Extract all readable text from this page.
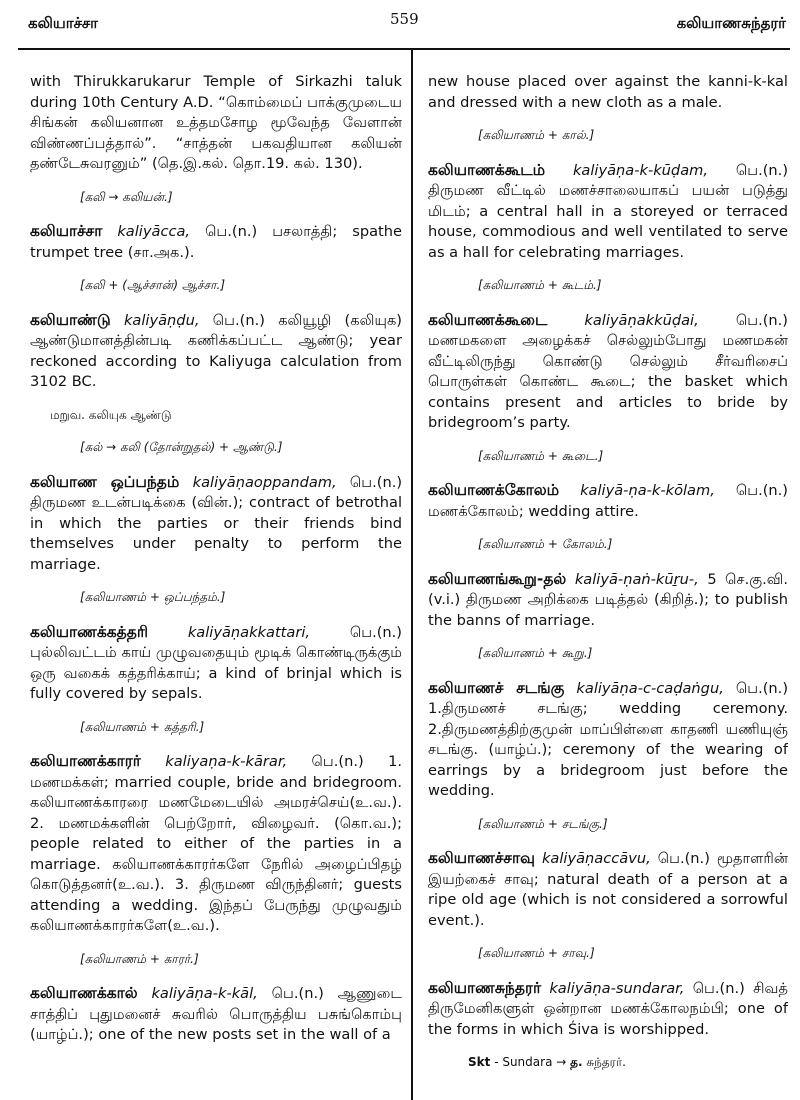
கலியாச்சா	559	கலியாணசுந்தரர்

with Thirukkarukarur Temple of Sirkazhi taluk during 10th Century A.D. “கொம்மைப் பாக்குமுடைய சிங்கன் கலியனான உத்தமசோழ மூவேந்த வேளான் விண்ணப்பத்தால்”. “சாத்தன் பகவதியான கலியன் தண்டேசுவரனும்” (தெ.இ.கல். தொ.19. கல். 130).

[கலி → கலியன்.]

கலியாச்சா kaliyācca, பெ.(n.) பசலாத்தி; spathe trumpet tree (சா.அக.).

[கலி + (ஆச்சான்) ஆச்சா.]

கலியாண்டு kaliyāṇḍu, பெ.(n.) கலியூழி (கலியுக) ஆண்டுமானத்தின்படி கணிக்கப்பட்ட ஆண்டு; year reckoned according to Kaliyuga calculation from 3102 BC.

மறுவ. கலியுக ஆண்டு
[கல் → கலி (தோன்றுதல்) + ஆண்டு.]

கலியாண ஒப்பந்தம் kaliyāṇaoppandam, பெ.(n.) திருமண உடன்படிக்கை (வின்.); contract of betrothal in which the parties or their friends bind themselves under penalty to perform the marriage.

[கலியாணம் + ஒப்பந்தம்.]

கலியாணக்கத்தரி	kaliyāṇakkattari,	பெ.(n.) புல்லிவட்டம் காய் முழுவதையும் மூடிக் கொண்டிருக்கும் ஒரு வகைக் கத்தரிக்காய்; a kind of brinjal which is fully covered by sepals.

[கலியாணம் + கத்தரி.]

கலியாணக்காரர் kaliyaṇa-k-kārar, பெ.(n.) 1. மணமக்கள்; married couple, bride and bridegroom. கலியாணக்காரரை மணமேடையில் அமரச்செய்(உ.வ.). 2. மணமக்களின் பெற்றோர், விழைவர். (கொ.வ.); people related to either of the parties in a marriage. கலியாணக்காரர்களே நேரில் அழைப்பிதழ் கொடுத்தனர்(உ.வ.). 3. திருமண விருந்தினர்; guests attending a wedding. இந்தப் பேருந்து முழுவதும் கலியாணக்காரர்களே(உ.வ.).

[கலியாணம் + காரர்.]

கலியாணக்கால் kaliyāṇa-k-kāl, பெ.(n.) ஆணுடை சாத்திப் புதுமனைச் சுவரில் பொருத்திய பசுங்கொம்பு (யாழ்ப்.); one of the new posts set in the wall of a

new house placed over against the kanni-k-kal and dressed with a new cloth as a male.

[கலியாணம் + கால்.]

கலியாணக்கூடம் kaliyāṇa-k-kūḍam, பெ.(n.) திருமண வீட்டில் மணச்சாலையாகப் பயன் படுத்து மிடம்; a central hall in a storeyed or terraced house, commodious and well ventilated to serve as a hall for celebrating marriages.

[கலியாணம் + கூடம்.]

கலியாணக்கூடை	kaliyāṇakkūḍai,	பெ.(n.) மணமகளை அழைக்கச் செல்லும்போது மணமகன் வீட்டிலிருந்து கொண்டு செல்லும் சீர்வரிசைப் பொருள்கள் கொண்ட கூடை; the basket which contains present and articles to bride by bridegroom’s party.

[கலியாணம் + கூடை.]

கலியாணக்கோலம் kaliyā-ṇa-k-kōlam, பெ.(n.) மணக்கோலம்; wedding attire.

[கலியாணம் + கோலம்.]

கலியாணங்கூறு-தல் kaliyā-ṇaṅ-kūṟu-, 5 செ.கு.வி. (v.i.) திருமண அறிக்கை படித்தல் (கிறித்.); to publish the banns of marriage.

[கலியாணம் + கூறு.]

கலியாணச் சடங்கு kaliyāṇa-c-caḍaṅgu, பெ.(n.) 1.திருமணச் சடங்கு; wedding ceremony. 2.திருமணத்திற்குமுன் மாப்பிள்ளை காதணி யணியுஞ் சடங்கு. (யாழ்ப்.); ceremony of the wearing of earrings by a bridegroom just before the wedding.

[கலியாணம் + சடங்கு.]

கலியாணச்சாவு kaliyāṇaccāvu, பெ.(n.) மூதாளரின் இயற்கைச் சாவு; natural death of a person at a ripe old age (which is not considered a sorrowful event.).

[கலியாணம் + சாவு.]

கலியாணசுந்தரர் kaliyāṇa-sundarar, பெ.(n.) சிவத் திருமேனிகளுள் ஒன்றான மணக்கோலநம்பி; one of the forms in which Śiva is worshipped.

Skt - Sundara → த. சுந்தரர்.
